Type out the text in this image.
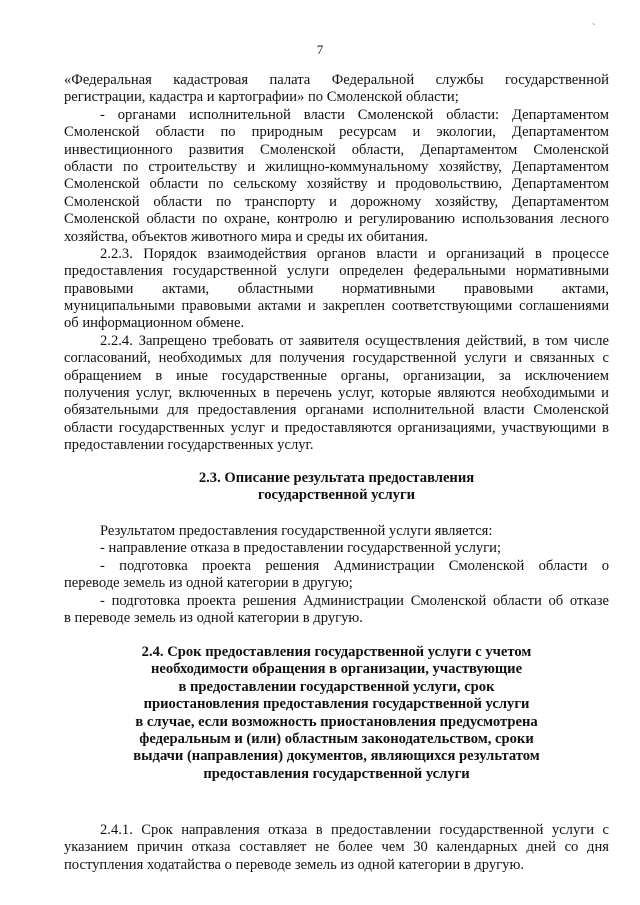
`
7

«Федеральная кадастровая палата Федеральной службы государственной

регистрации, кадастра и картографии» по Смоленской области;

- органами исполнительной власти Смоленской области: Департаментом

Смоленской области по природным ресурсам и экологии, Департаментом

инвестиционного развития Смоленской области, Департаментом Смоленской

области по строительству и жилищно-коммунальному хозяйству, Департаментом

Смоленской области по сельскому хозяйству и продовольствию, Департаментом

Смоленской области по транспорту и дорожному хозяйству, Департаментом

Смоленской области по охране, контролю и регулированию использования лесного

хозяйства, объектов животного мира и среды их обитания.

2.2.3. Порядок взаимодействия органов власти и организаций в процессе

предоставления государственной услуги определен федеральными нормативными

правовыми актами, областными нормативными правовыми актами,

муниципальными правовыми актами и закреплен соответствующими соглашениями

об информационном обмене.

2.2.4. Запрещено требовать от заявителя осуществления действий, в том числе

согласований, необходимых для получения государственной услуги и связанных с

обращением в иные государственные органы, организации, за исключением

получения услуг, включенных в перечень услуг, которые являются необходимыми и

обязательными для предоставления органами исполнительной власти Смоленской

области государственных услуг и предоставляются организациями, участвующими в

предоставлении государственных услуг.

2.3. Описание результата предоставления

государственной услуги

Результатом предоставления государственной услуги является:

- направление отказа в предоставлении государственной услуги;

- подготовка проекта решения Администрации Смоленской области о

переводе земель из одной категории в другую;

- подготовка проекта решения Администрации Смоленской области об отказе

в переводе земель из одной категории в другую.

2.4. Срок предоставления государственной услуги с учетом

необходимости обращения в организации, участвующие

в предоставлении государственной услуги, срок

приостановления предоставления государственной услуги

в случае, если возможность приостановления предусмотрена

федеральным и (или) областным законодательством, сроки

выдачи (направления) документов, являющихся результатом

предоставления государственной услуги

2.4.1. Срок направления отказа в предоставлении государственной услуги с

указанием причин отказа составляет не более чем 30 календарных дней со дня

поступления ходатайства о переводе земель из одной категории в другую.
